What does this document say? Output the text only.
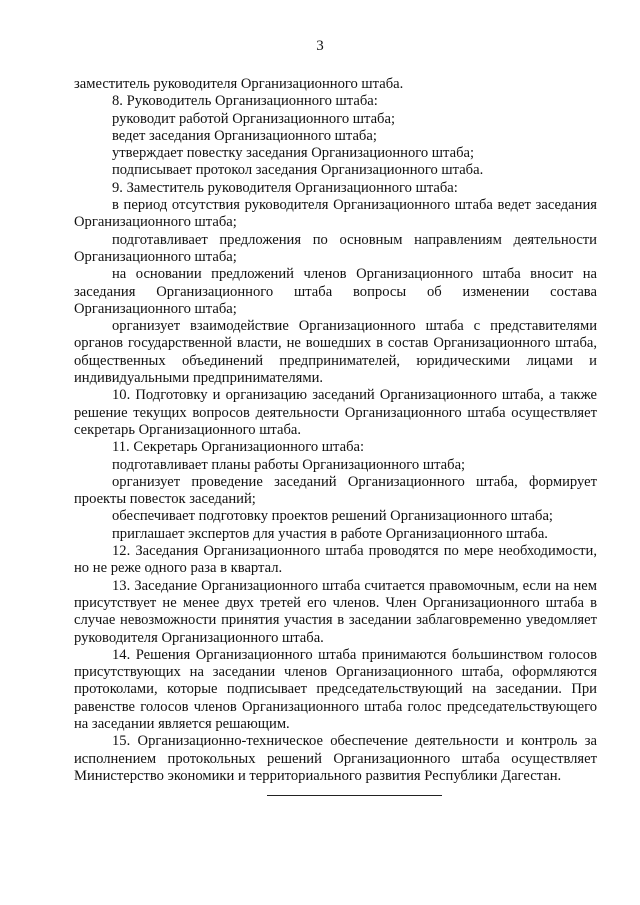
3

заместитель руководителя Организационного штаба.

8. Руководитель Организационного штаба:

руководит работой Организационного штаба;

ведет заседания Организационного штаба;

утверждает повестку заседания Организационного штаба;

подписывает протокол заседания Организационного штаба.

9. Заместитель руководителя Организационного штаба:

в период отсутствия руководителя Организационного штаба ведет заседания Организационного штаба;

подготавливает предложения по основным направлениям деятельности Организационного штаба;

на основании предложений членов Организационного штаба вносит на заседания Организационного штаба вопросы об изменении состава Организационного штаба;

организует взаимодействие Организационного штаба с представителями органов государственной власти, не вошедших в состав Организационного штаба, общественных объединений предпринимателей, юридическими лицами и индивидуальными предпринимателями.

10. Подготовку и организацию заседаний Организационного штаба, а также решение текущих вопросов деятельности Организационного штаба осуществляет секретарь Организационного штаба.

11. Секретарь Организационного штаба:

подготавливает планы работы Организационного штаба;

организует проведение заседаний Организационного штаба, формирует проекты повесток заседаний;

обеспечивает подготовку проектов решений Организационного штаба;

приглашает экспертов для участия в работе Организационного штаба.

12. Заседания Организационного штаба проводятся по мере необходимости, но не реже одного раза в квартал.

13. Заседание Организационного штаба считается правомочным, если на нем присутствует не менее двух третей его членов. Член Организационного штаба в случае невозможности принятия участия в заседании заблаговременно уведомляет руководителя Организационного штаба.

14. Решения Организационного штаба принимаются большинством голосов присутствующих на заседании членов Организационного штаба, оформляются протоколами, которые подписывает председательствующий на заседании. При равенстве голосов членов Организационного штаба голос председательствующего на заседании является решающим.

15. Организационно-техническое обеспечение деятельности и контроль за исполнением протокольных решений Организационного штаба осуществляет Министерство экономики и территориального развития Республики Дагестан.
